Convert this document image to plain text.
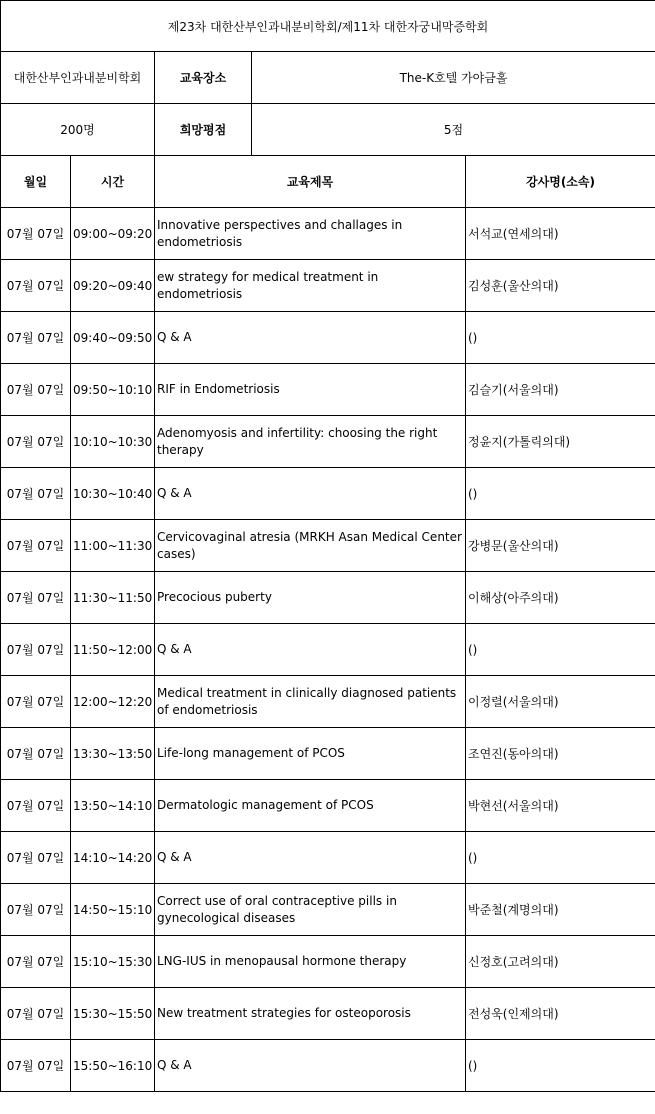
제23차 대한산부인과내분비학회/제11차 대한자궁내막증학회				
대한산부인과내분비학회		교육장소	The-K호텔 가야금홀	
200명		희망평점	5점	
월일	시간	교육제목		강사명(소속)
07월 07일	09:00~09:20	Innovative perspectives and challages in endometriosis		서석교(연세의대)
07월 07일	09:20~09:40	ew strategy for medical treatment in endometriosis		김성훈(울산의대)
07월 07일	09:40~09:50	Q & A		()
07월 07일	09:50~10:10	RIF in Endometriosis		김슬기(서울의대)
07월 07일	10:10~10:30	Adenomyosis and infertility: choosing the right therapy		정윤지(가톨릭의대)
07월 07일	10:30~10:40	Q & A		()
07월 07일	11:00~11:30	Cervicovaginal atresia (MRKH Asan Medical Center cases)		강병문(울산의대)
07월 07일	11:30~11:50	Precocious puberty		이해상(아주의대)
07월 07일	11:50~12:00	Q & A		()
07월 07일	12:00~12:20	Medical treatment in clinically diagnosed patients of endometriosis		이정렬(서울의대)
07월 07일	13:30~13:50	Life-long management of PCOS		조연진(동아의대)
07월 07일	13:50~14:10	Dermatologic management of PCOS		박현선(서울의대)
07월 07일	14:10~14:20	Q & A		()
07월 07일	14:50~15:10	Correct use of oral contraceptive pills in gynecological diseases		박준철(계명의대)
07월 07일	15:10~15:30	LNG-IUS in menopausal hormone therapy		신정호(고려의대)
07월 07일	15:30~15:50	New treatment strategies for osteoporosis		전성욱(인제의대)
07월 07일	15:50~16:10	Q & A		()
